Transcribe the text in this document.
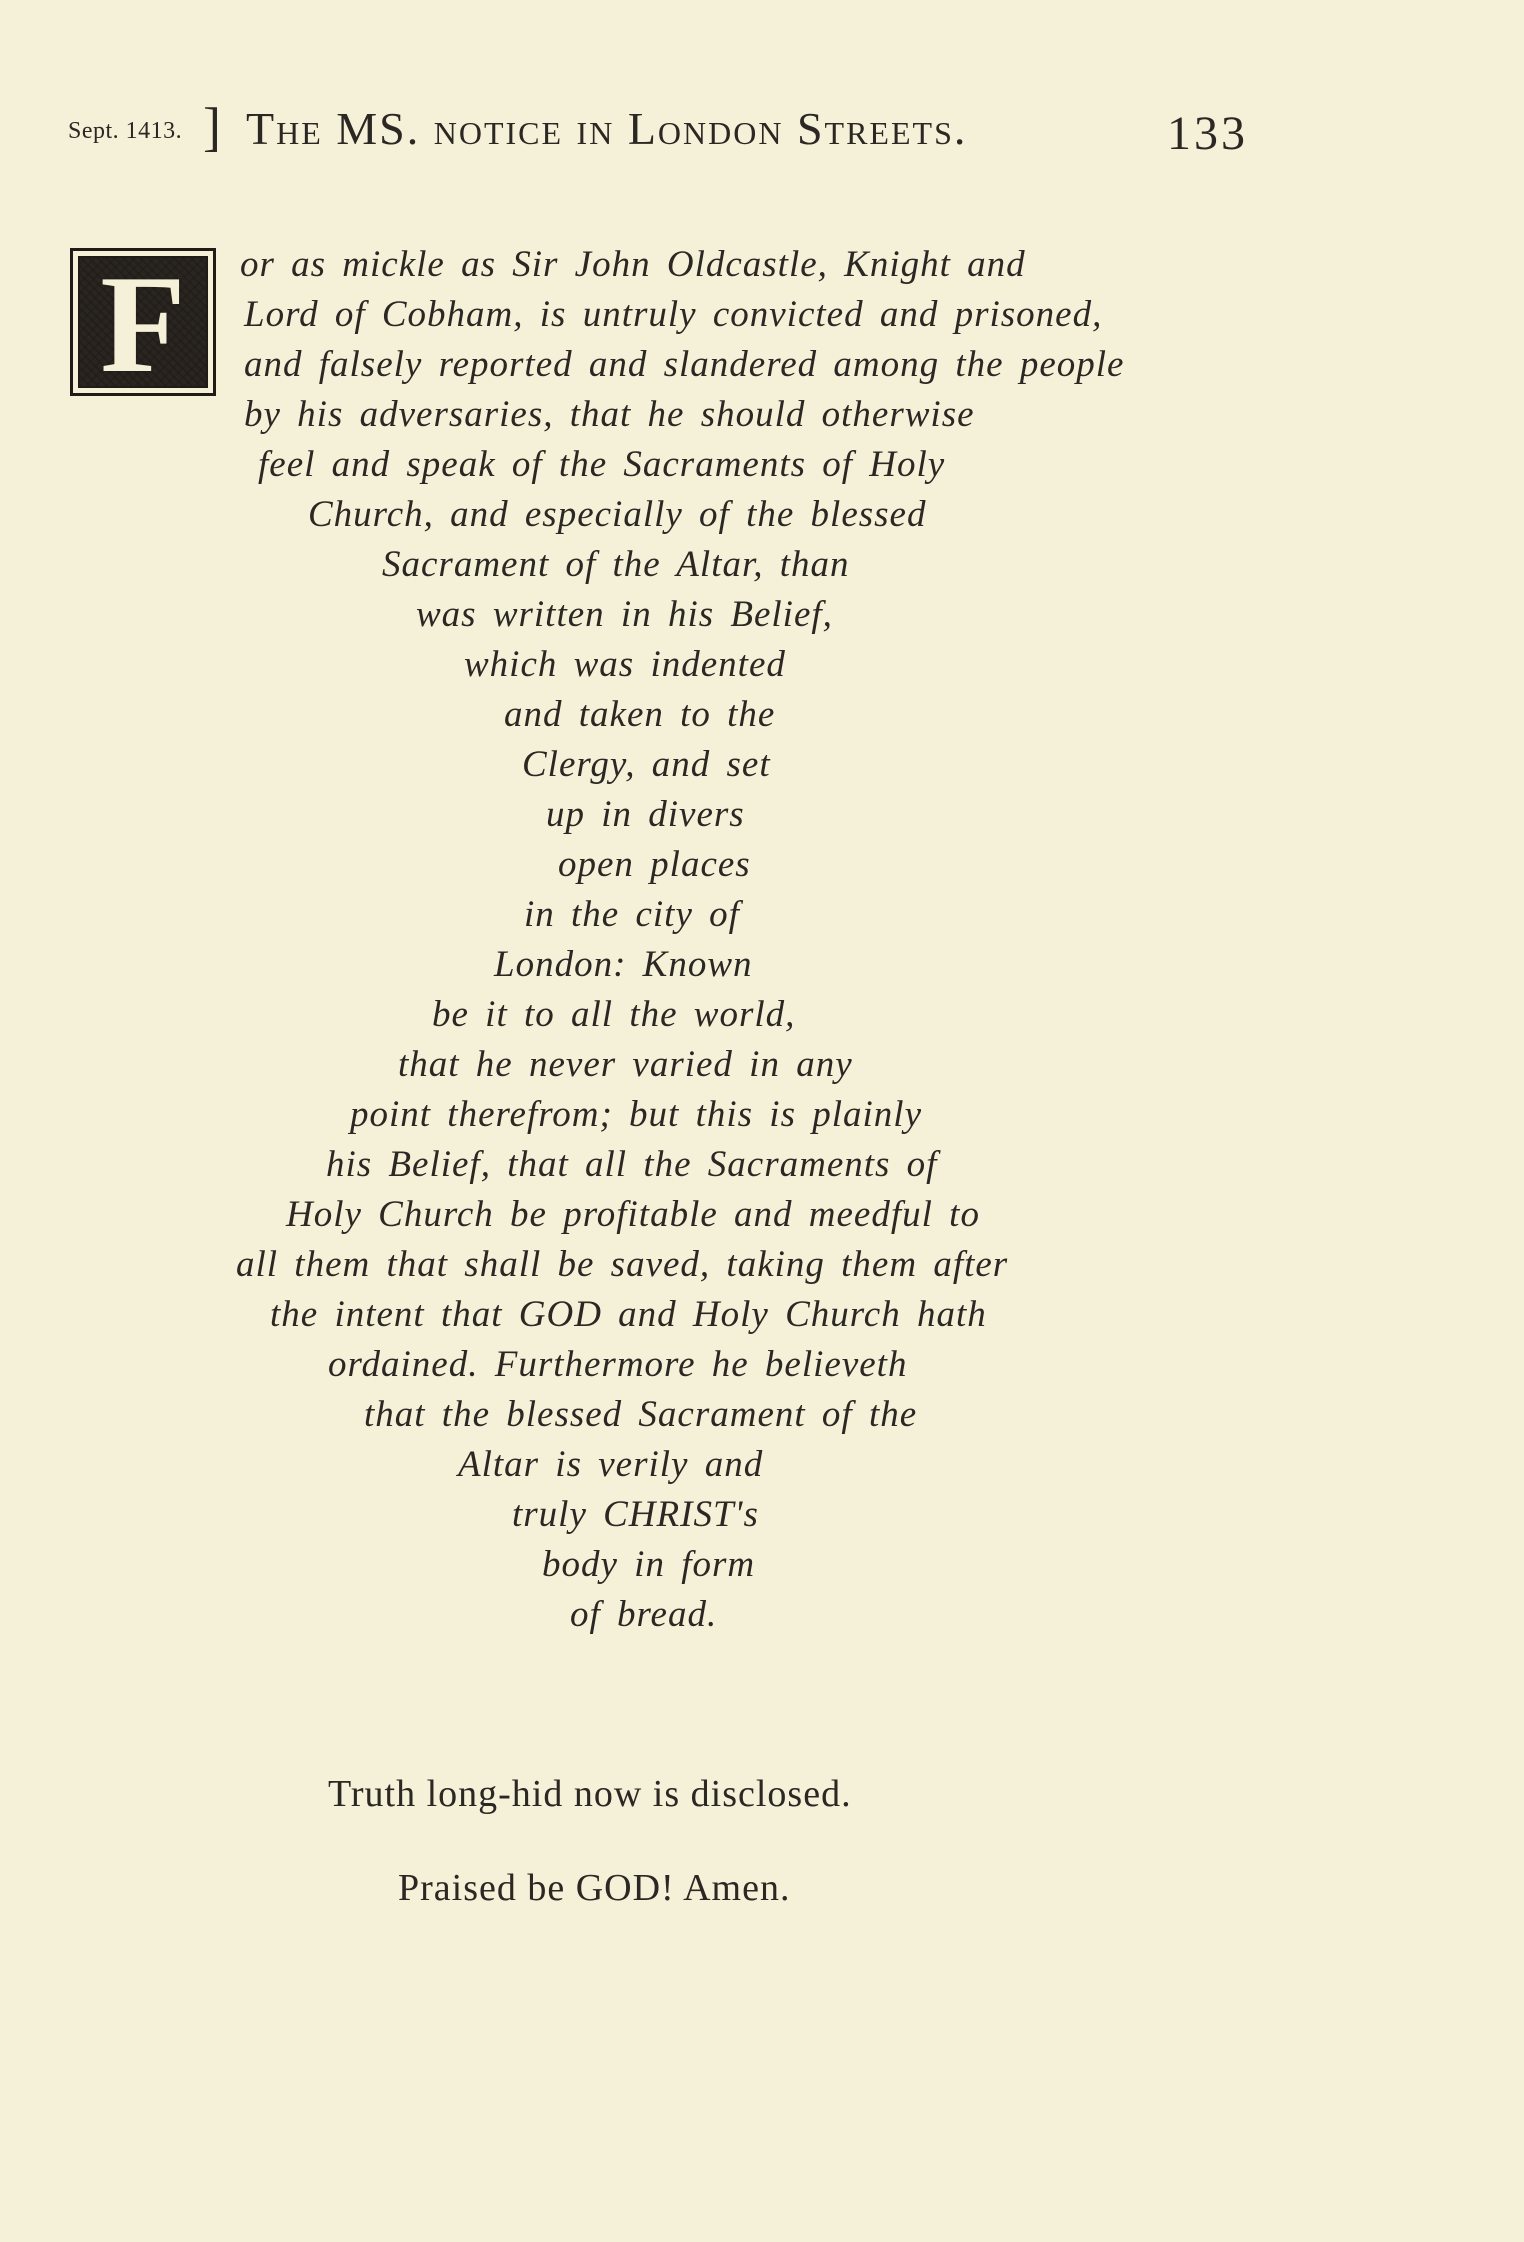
Sept. 1413. ] The MS. notice in London Streets.	133
F	or as mickle as Sir John Oldcastle, Knight and
Lord of Cobham, is untruly convicted and prisoned,
and falsely reported and slandered among the people
by his adversaries, that he should otherwise
feel and speak of the Sacraments of Holy
Church, and especially of the blessed
Sacrament of the Altar, than
was written in his Belief,
which was indented
and taken to the
Clergy, and set
up in divers
open places
in the city of
London: Known
be it to all the world,
that he never varied in any
point therefrom; but this is plainly
his Belief, that all the Sacraments of
Holy Church be profitable and meedful to
all them that shall be saved, taking them after
the intent that GOD and Holy Church hath
ordained. Furthermore he believeth
that the blessed Sacrament of the
Altar is verily and
truly CHRIST's
body in form
of bread.
Truth long-hid now is disclosed.
Praised be GOD! Amen.
